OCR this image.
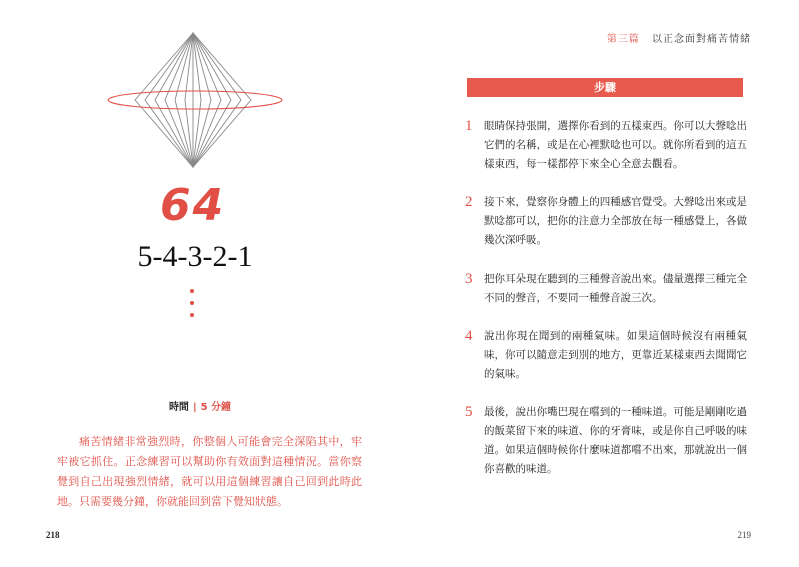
第三篇 以正念面對痛苦情緒
64
5-4-3-2-1
時間 | 5 分鐘
痛苦情緒非常強烈時，你整個人可能會完全深陷其中，牢牢被它抓住。正念練習可以幫助你有效面對這種情況。當你察覺到自己出現強烈情緒，就可以用這個練習讓自己回到此時此地。只需要幾分鐘，你就能回到當下覺知狀態。
218
步驟
1	眼睛保持張開，選擇你看到的五樣東西。你可以大聲唸出它們的名稱，或是在心裡默唸也可以。就你所看到的這五樣東西，每一樣都停下來全心全意去觀看。
2	接下來，覺察你身體上的四種感官覺受。大聲唸出來或是默唸都可以，把你的注意力全部放在每一種感覺上，各做幾次深呼吸。
3	把你耳朵現在聽到的三種聲音說出來。儘量選擇三種完全不同的聲音，不要同一種聲音說三次。
4	說出你現在聞到的兩種氣味。如果這個時候沒有兩種氣味，你可以隨意走到別的地方，更靠近某樣東西去聞聞它的氣味。
5	最後，說出你嘴巴現在嚐到的一種味道。可能是剛剛吃過的飯菜留下來的味道、你的牙膏味，或是你自己呼吸的味道。如果這個時候你什麼味道都嚐不出來，那就說出一個你喜歡的味道。
219
